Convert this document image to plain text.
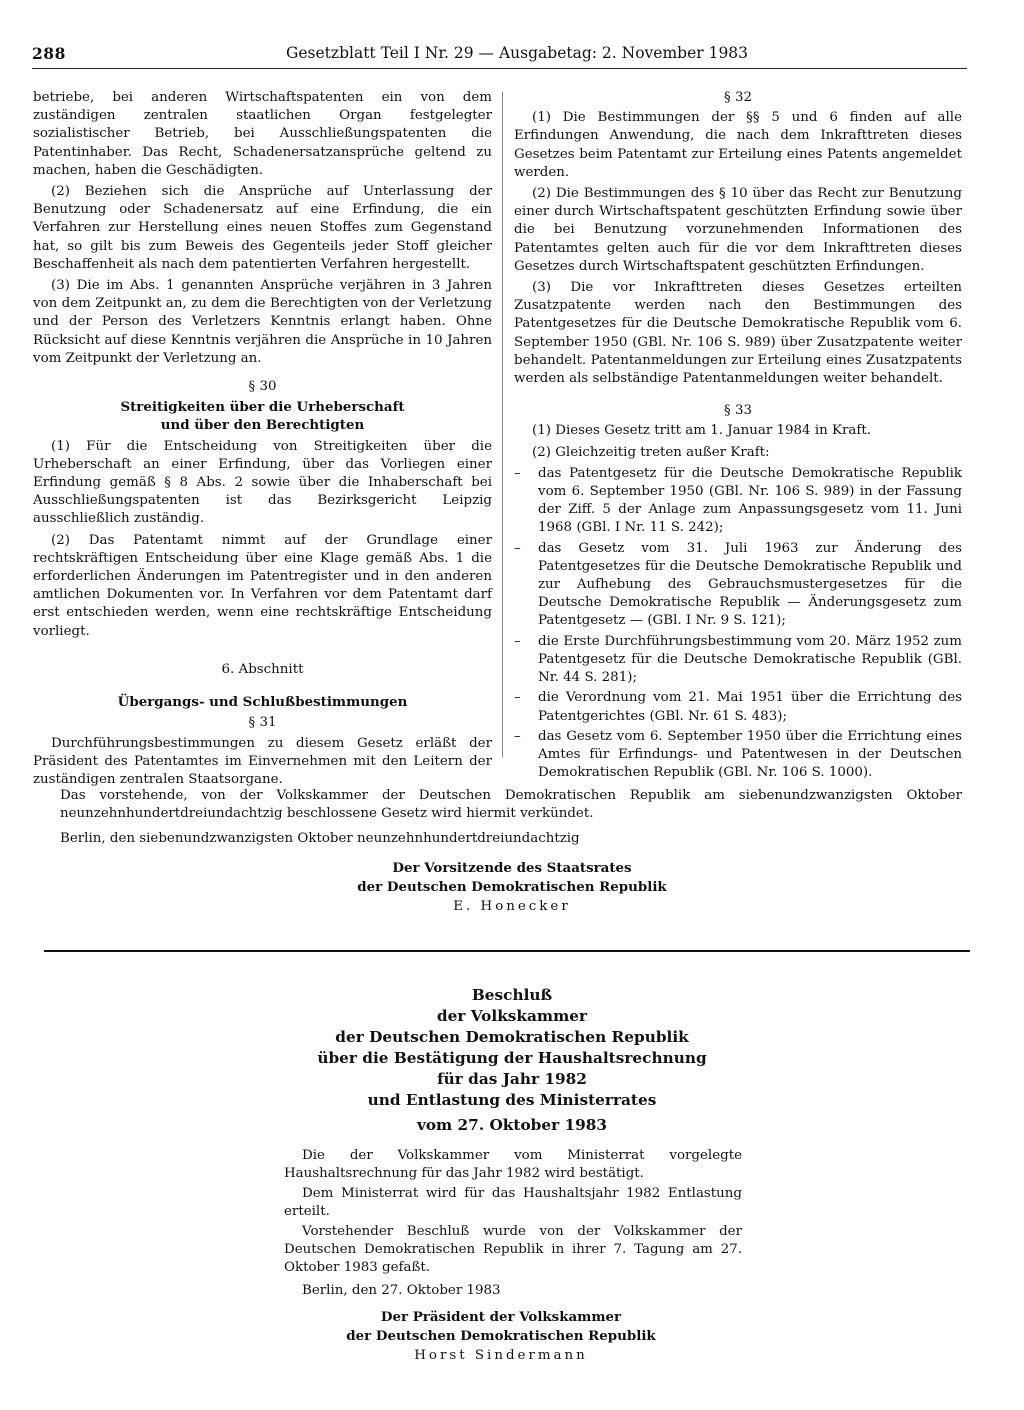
288	Gesetzblatt Teil I Nr. 29 — Ausgabetag: 2. November 1983

betriebe, bei anderen Wirtschaftspatenten ein von dem zuständigen zentralen staatlichen Organ festgelegter sozialistischer Betrieb, bei Ausschließungspatenten die Patentinhaber. Das Recht, Schadenersatzansprüche geltend zu machen, haben die Geschädigten.

(2) Beziehen sich die Ansprüche auf Unterlassung der Benutzung oder Schadenersatz auf eine Erfindung, die ein Verfahren zur Herstellung eines neuen Stoffes zum Gegenstand hat, so gilt bis zum Beweis des Gegenteils jeder Stoff gleicher Beschaffenheit als nach dem patentierten Verfahren hergestellt.

(3) Die im Abs. 1 genannten Ansprüche verjähren in 3 Jahren von dem Zeitpunkt an, zu dem die Berechtigten von der Verletzung und der Person des Verletzers Kenntnis erlangt haben. Ohne Rücksicht auf diese Kenntnis verjähren die Ansprüche in 10 Jahren vom Zeitpunkt der Verletzung an.

§ 30
Streitigkeiten über die Urheberschaft
und über den Berechtigten

(1) Für die Entscheidung von Streitigkeiten über die Urheberschaft an einer Erfindung, über das Vorliegen einer Erfindung gemäß § 8 Abs. 2 sowie über die Inhaberschaft bei Ausschließungspatenten ist das Bezirksgericht Leipzig ausschließlich zuständig.

(2) Das Patentamt nimmt auf der Grundlage einer rechtskräftigen Entscheidung über eine Klage gemäß Abs. 1 die erforderlichen Änderungen im Patentregister und in den anderen amtlichen Dokumenten vor. In Verfahren vor dem Patentamt darf erst entschieden werden, wenn eine rechtskräftige Entscheidung vorliegt.

6. Abschnitt
Übergangs- und Schlußbestimmungen
§ 31

Durchführungsbestimmungen zu diesem Gesetz erläßt der Präsident des Patentamtes im Einvernehmen mit den Leitern der zuständigen zentralen Staatsorgane.

§ 32

(1) Die Bestimmungen der §§ 5 und 6 finden auf alle Erfindungen Anwendung, die nach dem Inkrafttreten dieses Gesetzes beim Patentamt zur Erteilung eines Patents angemeldet werden.

(2) Die Bestimmungen des § 10 über das Recht zur Benutzung einer durch Wirtschaftspatent geschützten Erfindung sowie über die bei Benutzung vorzunehmenden Informationen des Patentamtes gelten auch für die vor dem Inkrafttreten dieses Gesetzes durch Wirtschaftspatent geschützten Erfindungen.

(3) Die vor Inkrafttreten dieses Gesetzes erteilten Zusatzpatente werden nach den Bestimmungen des Patentgesetzes für die Deutsche Demokratische Republik vom 6. September 1950 (GBl. Nr. 106 S. 989) über Zusatzpatente weiter behandelt. Patentanmeldungen zur Erteilung eines Zusatzpatents werden als selbständige Patentanmeldungen weiter behandelt.

§ 33

(1) Dieses Gesetz tritt am 1. Januar 1984 in Kraft.

(2) Gleichzeitig treten außer Kraft:

– das Patentgesetz für die Deutsche Demokratische Republik vom 6. September 1950 (GBl. Nr. 106 S. 989) in der Fassung der Ziff. 5 der Anlage zum Anpassungsgesetz vom 11. Juni 1968 (GBl. I Nr. 11 S. 242);
– das Gesetz vom 31. Juli 1963 zur Änderung des Patentgesetzes für die Deutsche Demokratische Republik und zur Aufhebung des Gebrauchsmustergesetzes für die Deutsche Demokratische Republik — Änderungsgesetz zum Patentgesetz — (GBl. I Nr. 9 S. 121);
– die Erste Durchführungsbestimmung vom 20. März 1952 zum Patentgesetz für die Deutsche Demokratische Republik (GBl. Nr. 44 S. 281);
– die Verordnung vom 21. Mai 1951 über die Errichtung des Patentgerichtes (GBl. Nr. 61 S. 483);
– das Gesetz vom 6. September 1950 über die Errichtung eines Amtes für Erfindungs- und Patentwesen in der Deutschen Demokratischen Republik (GBl. Nr. 106 S. 1000).

Das vorstehende, von der Volkskammer der Deutschen Demokratischen Republik am siebenundzwanzigsten Oktober neunzehnhundertdreiundachtzig beschlossene Gesetz wird hiermit verkündet.

Berlin, den siebenundzwanzigsten Oktober neunzehnhundertdreiundachtzig

Der Vorsitzende des Staatsrates
der Deutschen Demokratischen Republik
E. Honecker
Beschluß
der Volkskammer
der Deutschen Demokratischen Republik
über die Bestätigung der Haushaltsrechnung
für das Jahr 1982
und Entlastung des Ministerrates
vom 27. Oktober 1983

Die der Volkskammer vom Ministerrat vorgelegte Haushaltsrechnung für das Jahr 1982 wird bestätigt.

Dem Ministerrat wird für das Haushaltsjahr 1982 Entlastung erteilt.

Vorstehender Beschluß wurde von der Volkskammer der Deutschen Demokratischen Republik in ihrer 7. Tagung am 27. Oktober 1983 gefaßt.

Berlin, den 27. Oktober 1983

Der Präsident der Volkskammer
der Deutschen Demokratischen Republik
Horst Sindermann
